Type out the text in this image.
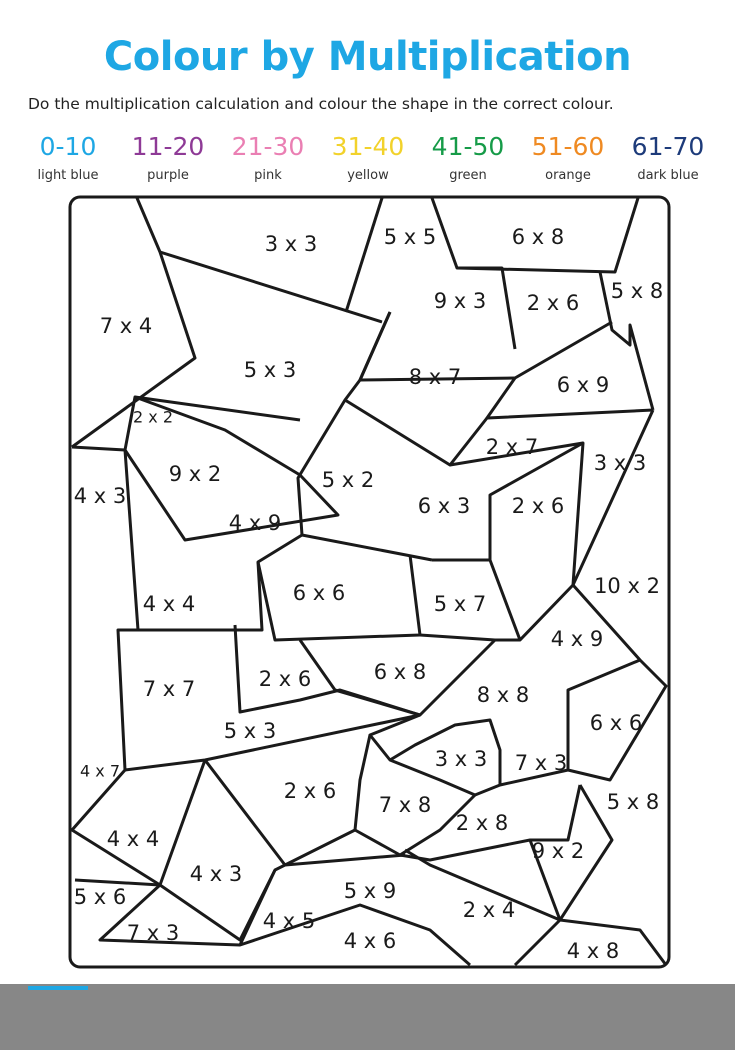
Colour by Multiplication
Do the multiplication calculation and colour the shape in the correct colour.
0-10
light blue
11-20
purple
21-30
pink
31-40
yellow
41-50
green
51-60
orange
61-70
dark blue
3 x 3	5 x 5	6 x 8
5 x 8
7 x 4
9 x 3 2 x 6
5 x 3	8 x 7	6 x 9
2 x 2
2 x 7
3 x 3
9 x 2	5 x 2
6 x 3 2 x 6
4 x 3
4 x 9
10 x 2
6 x 6
4 x 4	5 x 7
4 x 9
7 x 7	2 x 6	6 x 8
8 x 8
6 x 6
5 x 3
3 x 3 7 x 3
4 x 7
2 x 6
7 x 8	5 x 8
2 x 8
4 x 4	9 x 2
4 x 3
5 x 9
5 x 6
2 x 4
4 x 5
7 x 3	4 x 6	4 x 8
